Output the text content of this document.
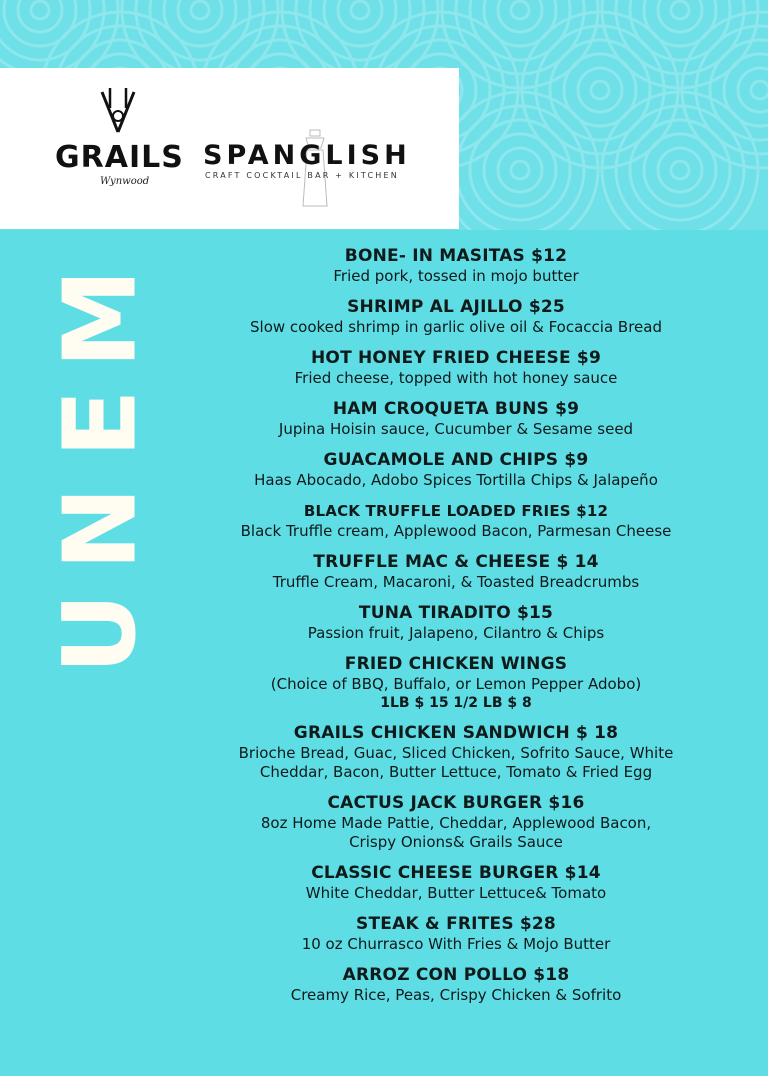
GRAILS
Wynwood
SPANGLISH
CRAFT COCKTAIL BAR + KITCHEN
M
E
N
U
BONE- IN MASITAS $12
Fried pork, tossed in mojo butter
SHRIMP AL AJILLO $25
Slow cooked shrimp in garlic olive oil & Focaccia Bread
HOT HONEY FRIED CHEESE $9
Fried cheese, topped with hot honey sauce
HAM CROQUETA BUNS $9
Jupina Hoisin sauce, Cucumber & Sesame seed
GUACAMOLE AND CHIPS $9
Haas Abocado, Adobo Spices Tortilla Chips & Jalapeño
BLACK TRUFFLE LOADED FRIES $12
Black Truffle cream, Applewood Bacon, Parmesan Cheese
TRUFFLE MAC & CHEESE $ 14
Truffle Cream, Macaroni, & Toasted Breadcrumbs
TUNA TIRADITO $15
Passion fruit, Jalapeno, Cilantro & Chips
FRIED CHICKEN WINGS
(Choice of BBQ, Buffalo, or Lemon Pepper Adobo)
1LB $ 15 1/2 LB $ 8
GRAILS CHICKEN SANDWICH $ 18
Brioche Bread, Guac, Sliced Chicken, Sofrito Sauce, White
Cheddar, Bacon, Butter Lettuce, Tomato & Fried Egg
CACTUS JACK BURGER $16
8oz Home Made Pattie, Cheddar, Applewood Bacon,
Crispy Onions& Grails Sauce
CLASSIC CHEESE BURGER $14
White Cheddar, Butter Lettuce& Tomato
STEAK & FRITES $28
10 oz Churrasco With Fries & Mojo Butter
ARROZ CON POLLO $18
Creamy Rice, Peas, Crispy Chicken & Sofrito
